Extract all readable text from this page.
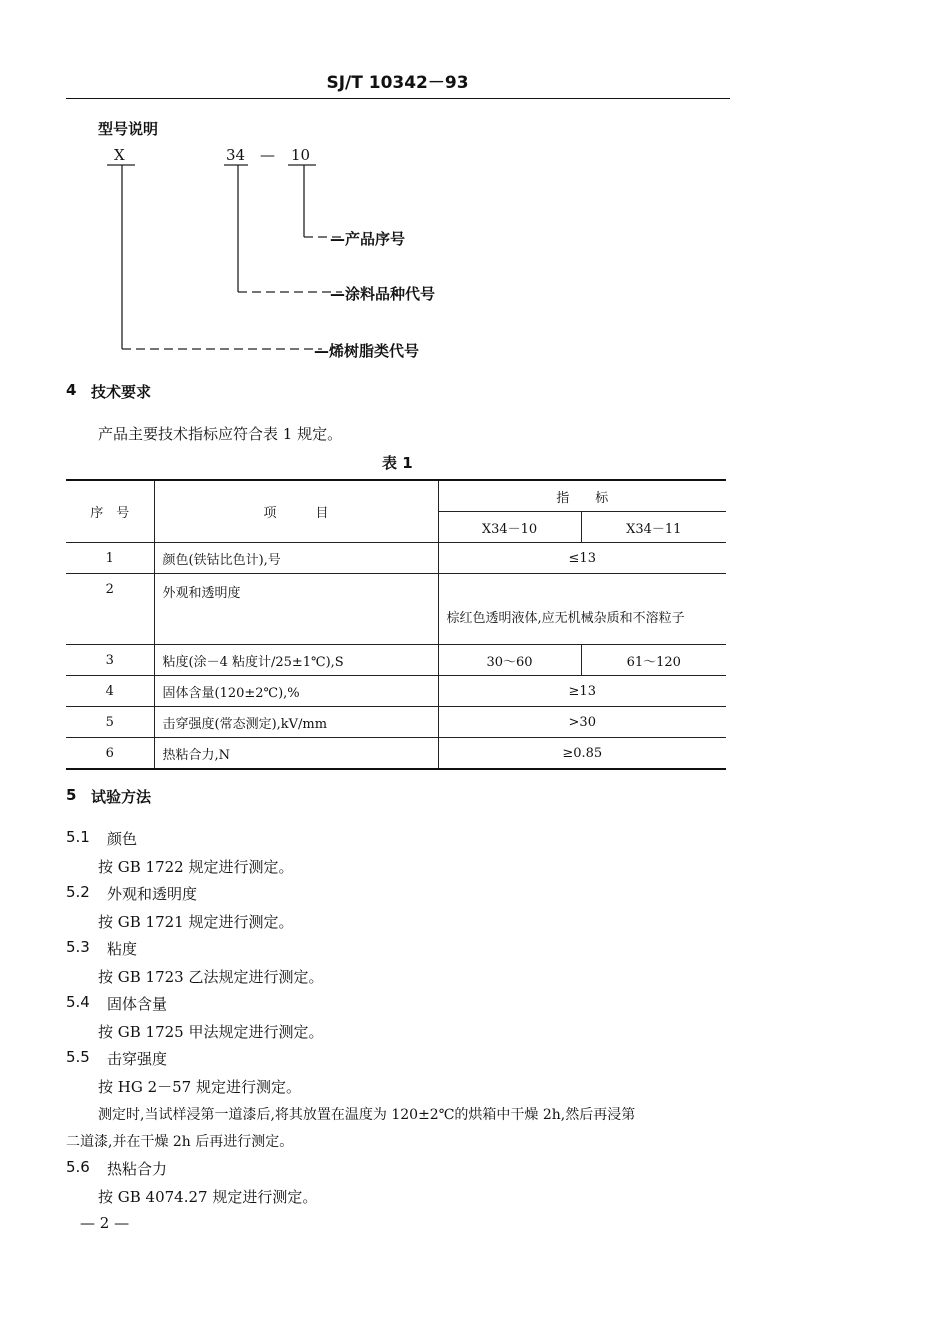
SJ/T 10342－93
型号说明
X	34 — 10
—产品序号
—涂料品种代号
—烯树脂类代号
4 技术要求
产品主要技术指标应符合表 1 规定。
表 1
序　号	项　　　目	指　　标	
		X34－10	X34－11
1	颜色(铁钴比色计),号	≤13	
2	外观和透明度	棕红色透明液体,应无机械杂质和不溶粒子	
3	粘度(涂－4 粘度计/25±1℃),S	30～60	61～120
4	固体含量(120±2℃),%	≥13	
5	击穿强度(常态测定),kV/mm	>30	
6	热粘合力,N	≥0.85	
5 试验方法
5.1 颜色
按 GB 1722 规定进行测定。
5.2 外观和透明度
按 GB 1721 规定进行测定。
5.3 粘度
按 GB 1723 乙法规定进行测定。
5.4 固体含量
按 GB 1725 甲法规定进行测定。
5.5 击穿强度
按 HG 2－57 规定进行测定。
测定时,当试样浸第一道漆后,将其放置在温度为 120±2℃的烘箱中干燥 2h,然后再浸第
二道漆,并在干燥 2h 后再进行测定。
5.6 热粘合力
按 GB 4074.27 规定进行测定。
— 2 —
